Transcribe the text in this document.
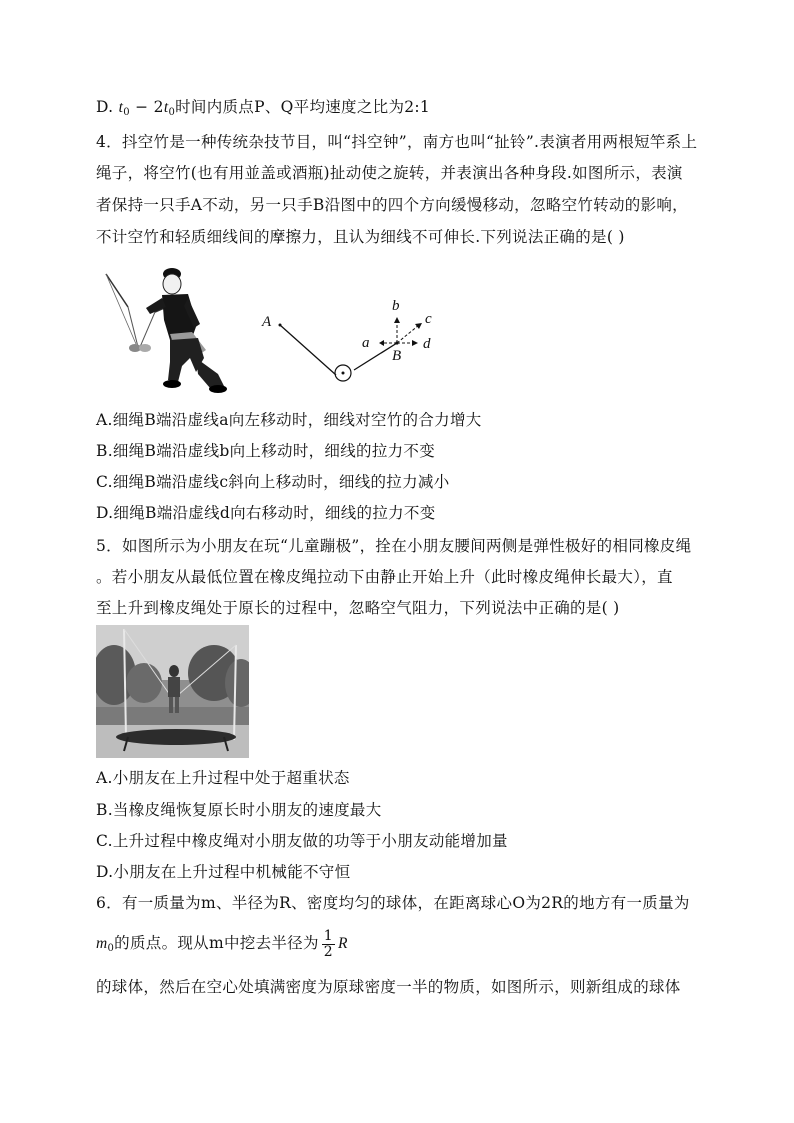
D. $t_0 - 2t_0$时间内质点P、Q平均速度之比为2:1
4．抖空竹是一种传统杂技节目，叫“抖空钟”，南方也叫“扯铃”.表演者用两根短竿系上
绳子，将空竹(也有用並盖或酒瓶)扯动使之旋转，并表演出各种身段.如图所示，表演
者保持一只手A不动，另一只手B沿图中的四个方向缓慢移动，忽略空竹转动的影响，
不计空竹和轻质细线间的摩擦力，且认为细线不可伸长.下列说法正确的是( )
A
B
a
b
c
d
A.细绳B端沿虚线a向左移动时，细线对空竹的合力增大
B.细绳B端沿虚线b向上移动时，细线的拉力不变
C.细绳B端沿虚线c斜向上移动时，细线的拉力减小
D.细绳B端沿虚线d向右移动时，细线的拉力不变
5．如图所示为小朋友在玩“儿童蹦极”，拴在小朋友腰间两侧是弹性极好的相同橡皮绳
。若小朋友从最低位置在橡皮绳拉动下由静止开始上升（此时橡皮绳伸长最大），直
至上升到橡皮绳处于原长的过程中，忽略空气阻力，下列说法中正确的是( )
A.小朋友在上升过程中处于超重状态
B.当橡皮绳恢复原长时小朋友的速度最大
C.上升过程中橡皮绳对小朋友做的功等于小朋友动能增加量
D.小朋友在上升过程中机械能不守恒
6．有一质量为m、半径为R、密度均匀的球体，在距离球心O为2R的地方有一质量为
$m_0$的质点。现从m中挖去半径为 $\frac{1}{2}$ R
的球体，然后在空心处填满密度为原球密度一半的物质，如图所示，则新组成的球体
